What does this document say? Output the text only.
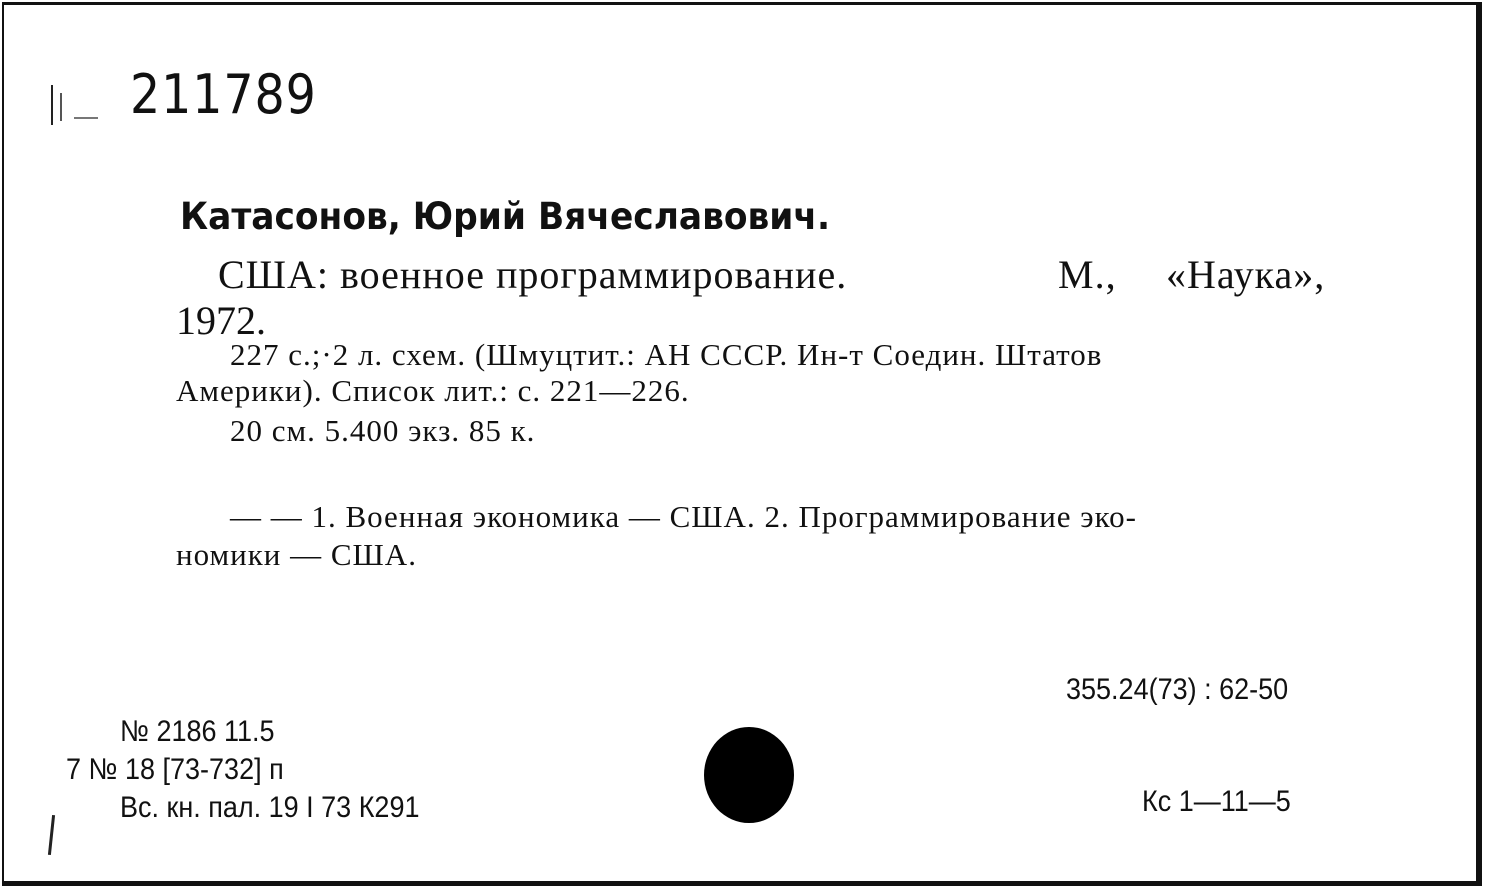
211789
Катасонов, Юрий Вячеславович.
США: военное программирование.	М., «Наука»,
1972.
227 с.;·2 л. схем. (Шмуцтит.: АН СССР. Ин-т Соедин. Штатов
Америки). Список лит.: с. 221—226.
20 см. 5.400 экз. 85 к.
— — 1. Военная экономика — США. 2. Программирование эко-
номики — США.
355.24(73) : 62-50
№ 2186 11.5
7 № 18 [73-732] п
Вс. кн. пал. 19 I 73 К291	Кс 1—11—5
